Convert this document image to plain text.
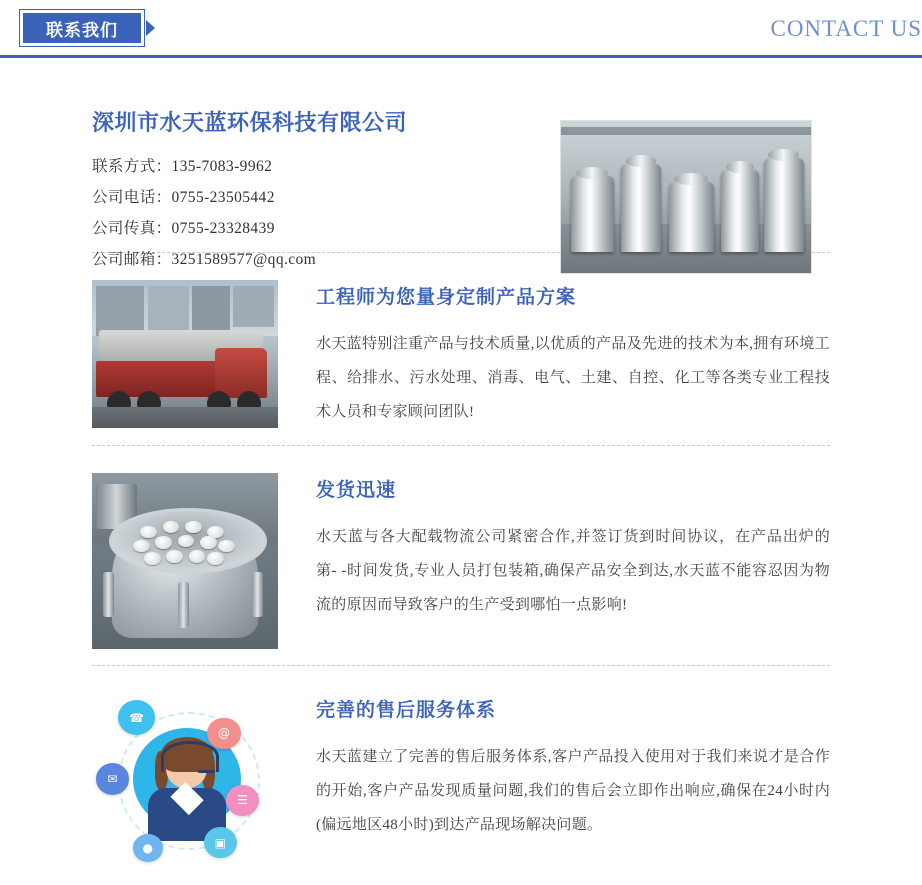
联系我们	CONTACT US
深圳市水天蓝环保科技有限公司
联系方式：135-7083-9962
公司电话：0755-23505442
公司传真：0755-23328439
公司邮箱：3251589577@qq.com
工程师为您量身定制产品方案
水天蓝特别注重产品与技术质量,以优质的产品及先进的技术为本,拥有环境工程、给排水、污水处理、消毒、电气、土建、自控、化工等各类专业工程技术人员和专家顾问团队!
发货迅速
水天蓝与各大配载物流公司紧密合作,并签订货到时间协议，在产品出炉的第- -时间发货,专业人员打包装箱,确保产品安全到达,水天蓝不能容忍因为物流的原因而导致客户的生产受到哪怕一点影响!
☎
@
✉
☰
▣
●
完善的售后服务体系
水天蓝建立了完善的售后服务体系,客户产品投入使用对于我们来说才是合作的开始,客户产品发现质量问题,我们的售后会立即作出响应,确保在24小时内(偏远地区48小时)到达产品现场解决问题。
